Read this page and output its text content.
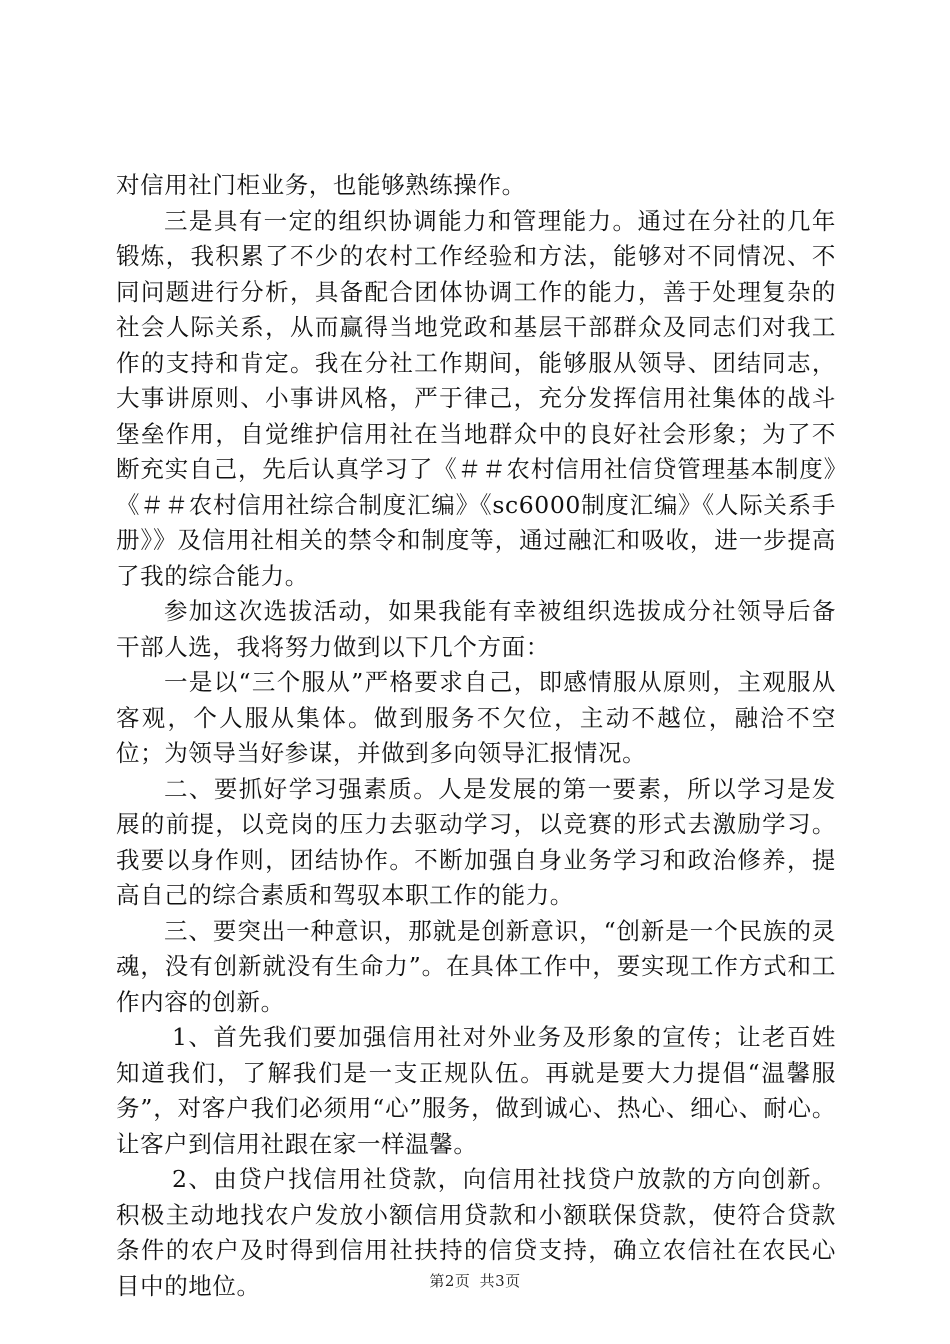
对信用社门柜业务，也能够熟练操作。

三是具有一定的组织协调能力和管理能力。通过在分社的几年锻炼，我积累了不少的农村工作经验和方法，能够对不同情况、不同问题进行分析，具备配合团体协调工作的能力，善于处理复杂的社会人际关系，从而赢得当地党政和基层干部群众及同志们对我工作的支持和肯定。我在分社工作期间，能够服从领导、团结同志，大事讲原则、小事讲风格，严于律己，充分发挥信用社集体的战斗堡垒作用，自觉维护信用社在当地群众中的良好社会形象；为了不断充实自己，先后认真学习了《＃＃农村信用社信贷管理基本制度》《＃＃农村信用社综合制度汇编》《sc6000制度汇编》《人际关系手册》》及信用社相关的禁令和制度等，通过融汇和吸收，进一步提高了我的综合能力。

参加这次选拔活动，如果我能有幸被组织选拔成分社领导后备干部人选，我将努力做到以下几个方面：

一是以“三个服从”严格要求自己，即感情服从原则，主观服从客观，个人服从集体。做到服务不欠位，主动不越位，融洽不空位；为领导当好参谋，并做到多向领导汇报情况。

二、要抓好学习强素质。人是发展的第一要素，所以学习是发展的前提，以竞岗的压力去驱动学习，以竞赛的形式去激励学习。我要以身作则，团结协作。不断加强自身业务学习和政治修养，提高自己的综合素质和驾驭本职工作的能力。

三、要突出一种意识，那就是创新意识，“创新是一个民族的灵魂，没有创新就没有生命力”。在具体工作中，要实现工作方式和工作内容的创新。

1、首先我们要加强信用社对外业务及形象的宣传；让老百姓知道我们，了解我们是一支正规队伍。再就是要大力提倡“温馨服务”，对客户我们必须用“心”服务，做到诚心、热心、细心、耐心。让客户到信用社跟在家一样温馨。

2、由贷户找信用社贷款，向信用社找贷户放款的方向创新。积极主动地找农户发放小额信用贷款和小额联保贷款，使符合贷款条件的农户及时得到信用社扶持的信贷支持，确立农信社在农民心目中的地位。	第2页 共3页
